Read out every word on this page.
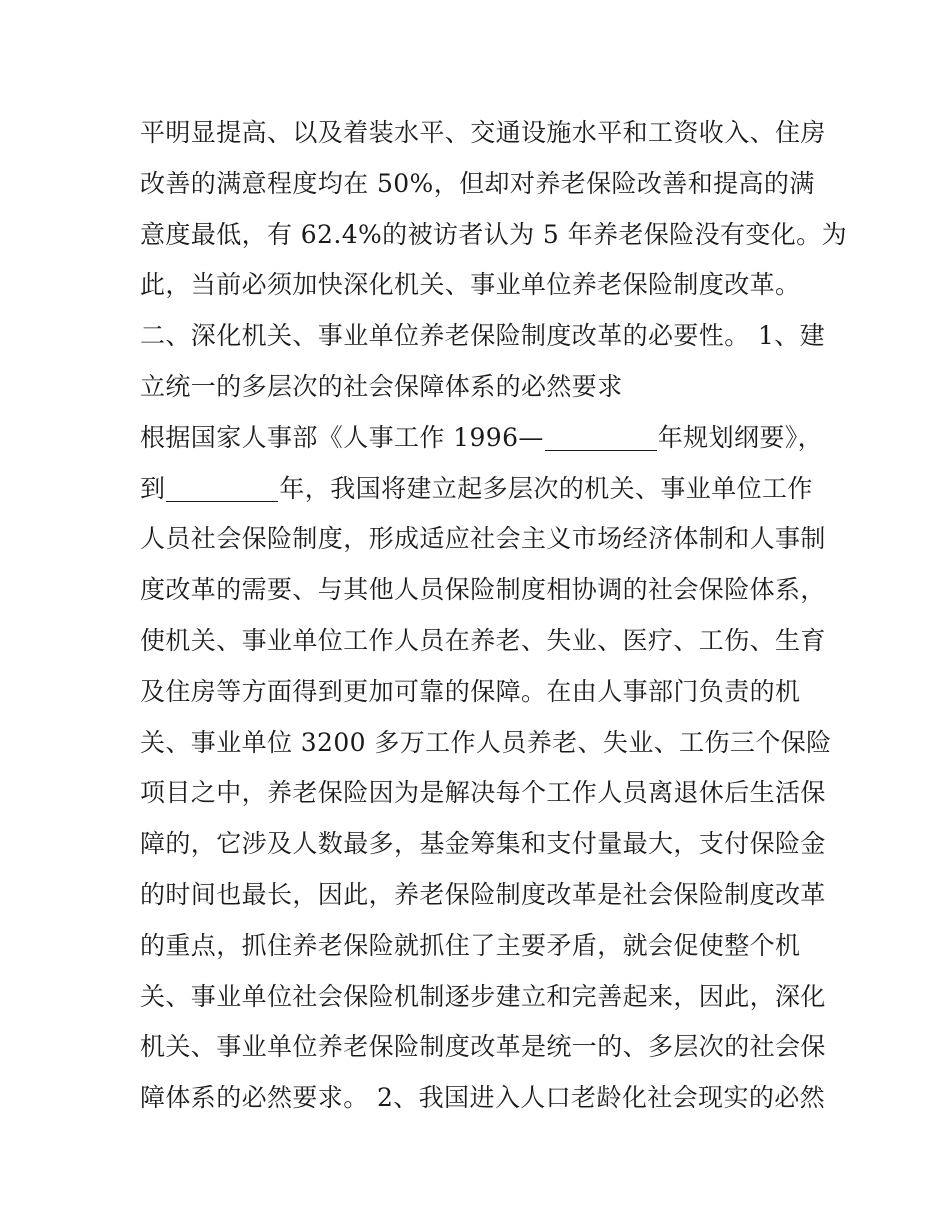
平明显提高、以及着装水平、交通设施水平和工资收入、住房
改善的满意程度均在 50%，但却对养老保险改善和提高的满
意度最低，有 62.4%的被访者认为 5 年养老保险没有变化。为
此，当前必须加快深化机关、事业单位养老保险制度改革。
二、深化机关、事业单位养老保险制度改革的必要性。 1、建
立统一的多层次的社会保障体系的必然要求
根据国家人事部《人事工作 1996—	年规划纲要》，
到	年，我国将建立起多层次的机关、事业单位工作
人员社会保险制度，形成适应社会主义市场经济体制和人事制
度改革的需要、与其他人员保险制度相协调的社会保险体系，
使机关、事业单位工作人员在养老、失业、医疗、工伤、生育
及住房等方面得到更加可靠的保障。在由人事部门负责的机
关、事业单位 3200 多万工作人员养老、失业、工伤三个保险
项目之中，养老保险因为是解决每个工作人员离退休后生活保
障的，它涉及人数最多，基金筹集和支付量最大，支付保险金
的时间也最长，因此，养老保险制度改革是社会保险制度改革
的重点，抓住养老保险就抓住了主要矛盾，就会促使整个机
关、事业单位社会保险机制逐步建立和完善起来，因此，深化
机关、事业单位养老保险制度改革是统一的、多层次的社会保
障体系的必然要求。 2、我国进入人口老龄化社会现实的必然
